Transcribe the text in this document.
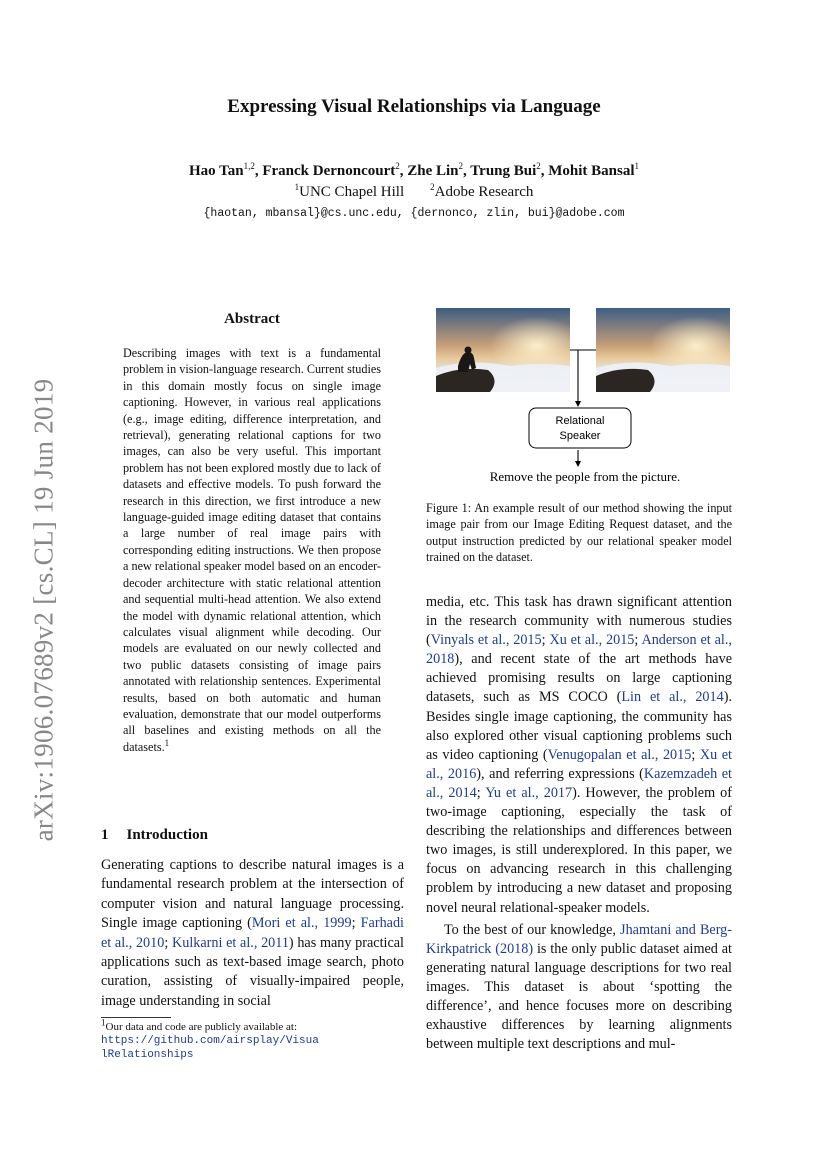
arXiv:1906.07689v2 [cs.CL] 19 Jun 2019
Expressing Visual Relationships via Language
Hao Tan$^{1,2}$, Franck Dernoncourt$^2$, Zhe Lin$^2$, Trung Bui$^2$, Mohit Bansal$^1$
$^1$UNC Chapel Hill	$^2$Adobe Research
{haotan, mbansal}@cs.unc.edu, {dernonco, zlin, bui}@adobe.com
Abstract
Describing images with text is a fundamental problem in vision-language research. Current studies in this domain mostly focus on single image captioning. However, in various real applications (e.g., image editing, difference interpretation, and retrieval), generating relational captions for two images, can also be very useful. This important problem has not been explored mostly due to lack of datasets and effective models. To push forward the research in this direction, we first introduce a new language-guided image editing dataset that contains a large number of real image pairs with corresponding editing instructions. We then propose a new relational speaker model based on an encoder-decoder architecture with static relational attention and sequential multi-head attention. We also extend the model with dynamic relational attention, which calculates visual alignment while decoding. Our models are evaluated on our newly collected and two public datasets consisting of image pairs annotated with relationship sentences. Experimental results, based on both automatic and human evaluation, demonstrate that our model outperforms all baselines and existing methods on all the datasets.$^1$
1 Introduction
Generating captions to describe natural images is a fundamental research problem at the intersection of computer vision and natural language processing. Single image captioning (Mori et al., 1999; Farhadi et al., 2010; Kulkarni et al., 2011) has many practical applications such as text-based image search, photo curation, assisting of visually-impaired people, image understanding in social
$^1$Our data and code are publicly available at:
https://github.com/airsplay/VisualRelationships
Relational
Speaker
Remove the people from the picture.
Figure 1: An example result of our method showing the input image pair from our Image Editing Request dataset, and the output instruction predicted by our relational speaker model trained on the dataset.

media, etc. This task has drawn significant attention in the research community with numerous studies (Vinyals et al., 2015; Xu et al., 2015; Anderson et al., 2018), and recent state of the art methods have achieved promising results on large captioning datasets, such as MS COCO (Lin et al., 2014). Besides single image captioning, the community has also explored other visual captioning problems such as video captioning (Venugopalan et al., 2015; Xu et al., 2016), and referring expressions (Kazemzadeh et al., 2014; Yu et al., 2017). However, the problem of two-image captioning, especially the task of describing the relationships and differences between two images, is still underexplored. In this paper, we focus on advancing research in this challenging problem by introducing a new dataset and proposing novel neural relational-speaker models.

To the best of our knowledge, Jhamtani and Berg-Kirkpatrick (2018) is the only public dataset aimed at generating natural language descriptions for two real images. This dataset is about ‘spotting the difference’, and hence focuses more on describing exhaustive differences by learning alignments between multiple text descriptions and mul-
